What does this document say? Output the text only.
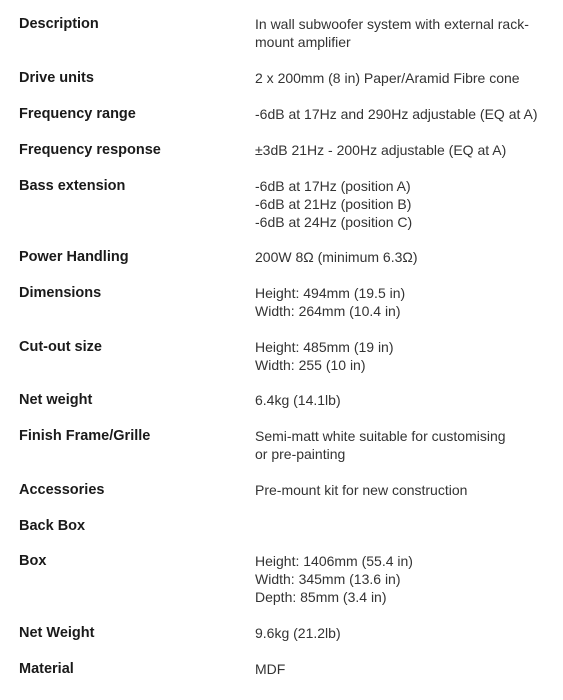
Description	In wall subwoofer system with external rack-
mount amplifier
Drive units	2 x 200mm (8 in) Paper/Aramid Fibre cone
Frequency range	-6dB at 17Hz and 290Hz adjustable (EQ at A)
Frequency response	±3dB 21Hz - 200Hz adjustable (EQ at A)
Bass extension	-6dB at 17Hz (position A)
-6dB at 21Hz (position B)
-6dB at 24Hz (position C)
Power Handling	200W 8Ω (minimum 6.3Ω)
Dimensions	Height: 494mm (19.5 in)
Width: 264mm (10.4 in)
Cut-out size	Height: 485mm (19 in)
Width: 255 (10 in)
Net weight	6.4kg (14.1lb)
Finish Frame/Grille	Semi-matt white suitable for customising
or pre-painting
Accessories	Pre-mount kit for new construction
Back Box
Box	Height: 1406mm (55.4 in)
Width: 345mm (13.6 in)
Depth: 85mm (3.4 in)
Net Weight	9.6kg (21.2lb)
Material	MDF
